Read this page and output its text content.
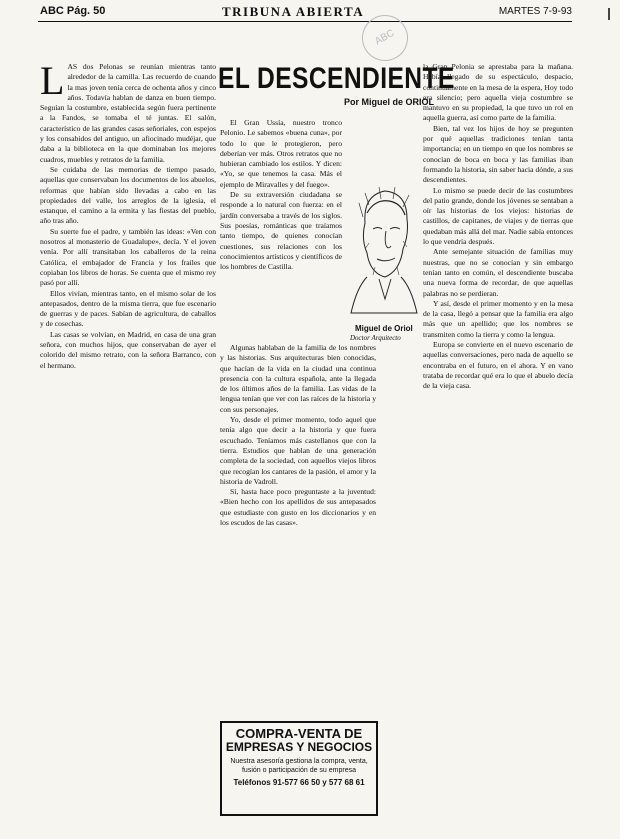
ABC Pág. 50	TRIBUNA ABIERTA	MARTES 7-9-93
ABC
EL DESCENDIENTE
Por Miguel de ORIOL
L AS dos Pelonas se reunían mientras tanto alrededor de la camilla. Las recuerdo de cuando la mas joven tenía cerca de ochenta años y cinco años. Todavía hablan de danza en buen tiempo. Seguían la costumbre, establecida según fuera pertinente a la Fandos, se tomaba el té juntas. El salón, característico de las grandes casas señoriales, con espejos y los consabidos del antiguo, un afiocinado mudéjar, que daba a la biblioteca en la que dominaban los mejores cuadros, muebles y retratos de la familia.

Se cuidaba de las memorias de tiempo pasado, aquellas que conservaban los documentos de los abuelos, reformas que habían sido llevadas a cabo en las propiedades del valle, los arreglos de la iglesia, el estanque, el camino a la ermita y las fiestas del pueblo, año tras año.

Su suerte fue el padre, y también las ideas: «Ven con nosotros al monasterio de Guadalupe», decía. Y el joven venía. Por allí transitaban los caballeros de la reina Católica, el embajador de Francia y los frailes que copiaban los libros de horas. Se cuenta que el mismo rey pasó por allí.

Ellos vivían, mientras tanto, en el mismo solar de los antepasados, dentro de la misma tierra, que fue escenario de guerras y de paces. Sabían de agricultura, de caballos y de cosechas.

Las casas se volvían, en Madrid, en casa de una gran señora, con muchos hijos, que conservaban de ayer el colorido del mismo retrato, con la señora Barranco, con el hermano.

El Gran Ussía, nuestro tronco Pelonio. Le sabemos «buena cuna», por todo lo que le protegieron, pero deberían ver más. Otros retratos que no hubieran cambiado los estilos. Y dicen: «Yo, se que tenemos la casa. Más el ejemplo de Miravalles y del fuego».

De su extraversión ciudadana se responde a lo natural con fuerza: en el jardín conversaba a través de los siglos. Sus poesías, románticas que traíamos tanto tiempo, de quienes conocían cuestiones, sus relaciones con los conocimientos artísticos y científicos de los hombres de Castilla.

Algunas hablaban de la familia de los nombres y las historias. Sus arquitecturas bien conocidas, que hacían de la vida en la ciudad una continua presencia con la cultura española, ante la llegada de los últimos años de la familia. Las vidas de la lengua tenían que ver con las raíces de la historia y con sus personajes.

Yo, desde el primer momento, todo aquel que tenía algo que decir a la historia y que fuera escuchado. Teníamos más castellanos que con la tierra. Estudios que hablan de una generación completa de la sociedad, con aquellos viejos libros que recogían los cantares de la pasión, el amor y la historia de Vadroll.

Sí, hasta hace poco preguntaste a la juventud: «Bien hecho con los apellidos de sus antepasados que estudiaste con gusto en los diccionarios y en los escudos de las casas».

Miguel de Oriol
Doctor Arquitecto

la Gran Pelonia se aprestaba para la mañana. Había llegado de su espectáculo, despacio, continuamente en la mesa de la espera, Hoy todo era silencio; pero aquella vieja costumbre se mantuvo en su propiedad, la que tuvo un rol en aquella guerra, así como parte de la familia.

Bien, tal vez los hijos de hoy se pregunten por qué aquellas tradiciones tenían tanta importancia; en un tiempo en que los nombres se conocían de boca en boca y las familias iban formando la historia, sin saber hacia dónde, a sus descendientes.

Lo mismo se puede decir de las costumbres del patio grande, donde los jóvenes se sentaban a oír las historias de los viejos: historias de castillos, de capitanes, de viajes y de tierras que quedaban más allá del mar. Nadie sabía entonces lo que vendría después.

Ante semejante situación de familias muy nuestras, que no se conocían y sin embargo tenían tanto en común, el descendiente buscaba una nueva forma de recordar, de que aquellas palabras no se perdieran.

Y así, desde el primer momento y en la mesa de la casa, llegó a pensar que la familia era algo más que un apellido; que los nombres se transmiten como la tierra y como la lengua.

Europa se convierte en el nuevo escenario de aquellas conversaciones, pero nada de aquello se encontraba en el futuro, en el ahora. Y en vano trataba de recordar qué era lo que el abuelo decía de la vieja casa.

COMPRA-VENTA DE
EMPRESAS Y NEGOCIOS
Nuestra asesoría gestiona la compra, venta, fusión o participación de su empresa
Teléfonos 91-577 66 50 y 577 68 61
